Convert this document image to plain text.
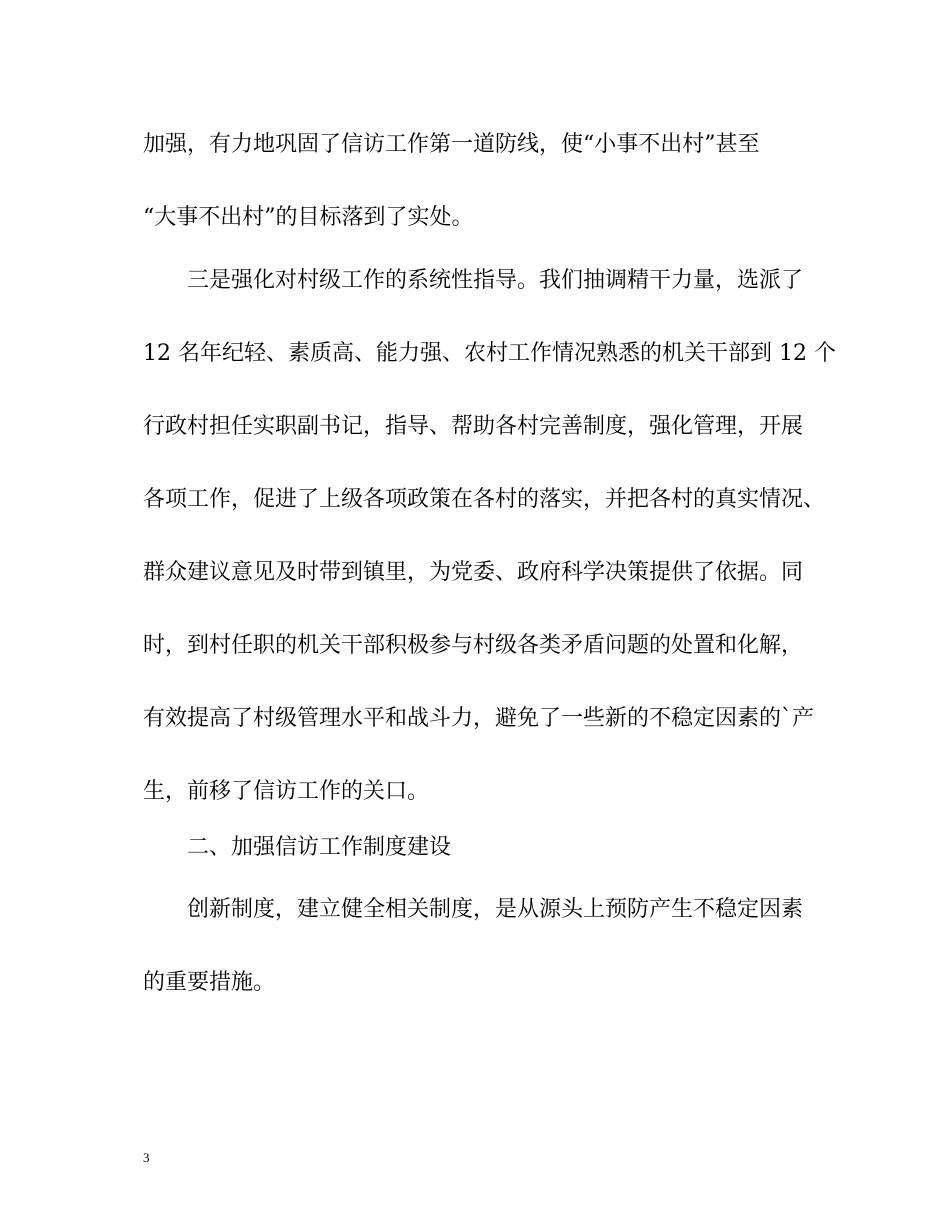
加强，有力地巩固了信访工作第一道防线，使“小事不出村”甚至
“大事不出村”的目标落到了实处。
三是强化对村级工作的系统性指导。我们抽调精干力量，选派了
12 名年纪轻、素质高、能力强、农村工作情况熟悉的机关干部到 12 个
行政村担任实职副书记，指导、帮助各村完善制度，强化管理，开展
各项工作，促进了上级各项政策在各村的落实，并把各村的真实情况、
群众建议意见及时带到镇里，为党委、政府科学决策提供了依据。同
时，到村任职的机关干部积极参与村级各类矛盾问题的处置和化解，
有效提高了村级管理水平和战斗力，避免了一些新的不稳定因素的`产
生，前移了信访工作的关口。
二、加强信访工作制度建设
创新制度，建立健全相关制度，是从源头上预防产生不稳定因素
的重要措施。
3
